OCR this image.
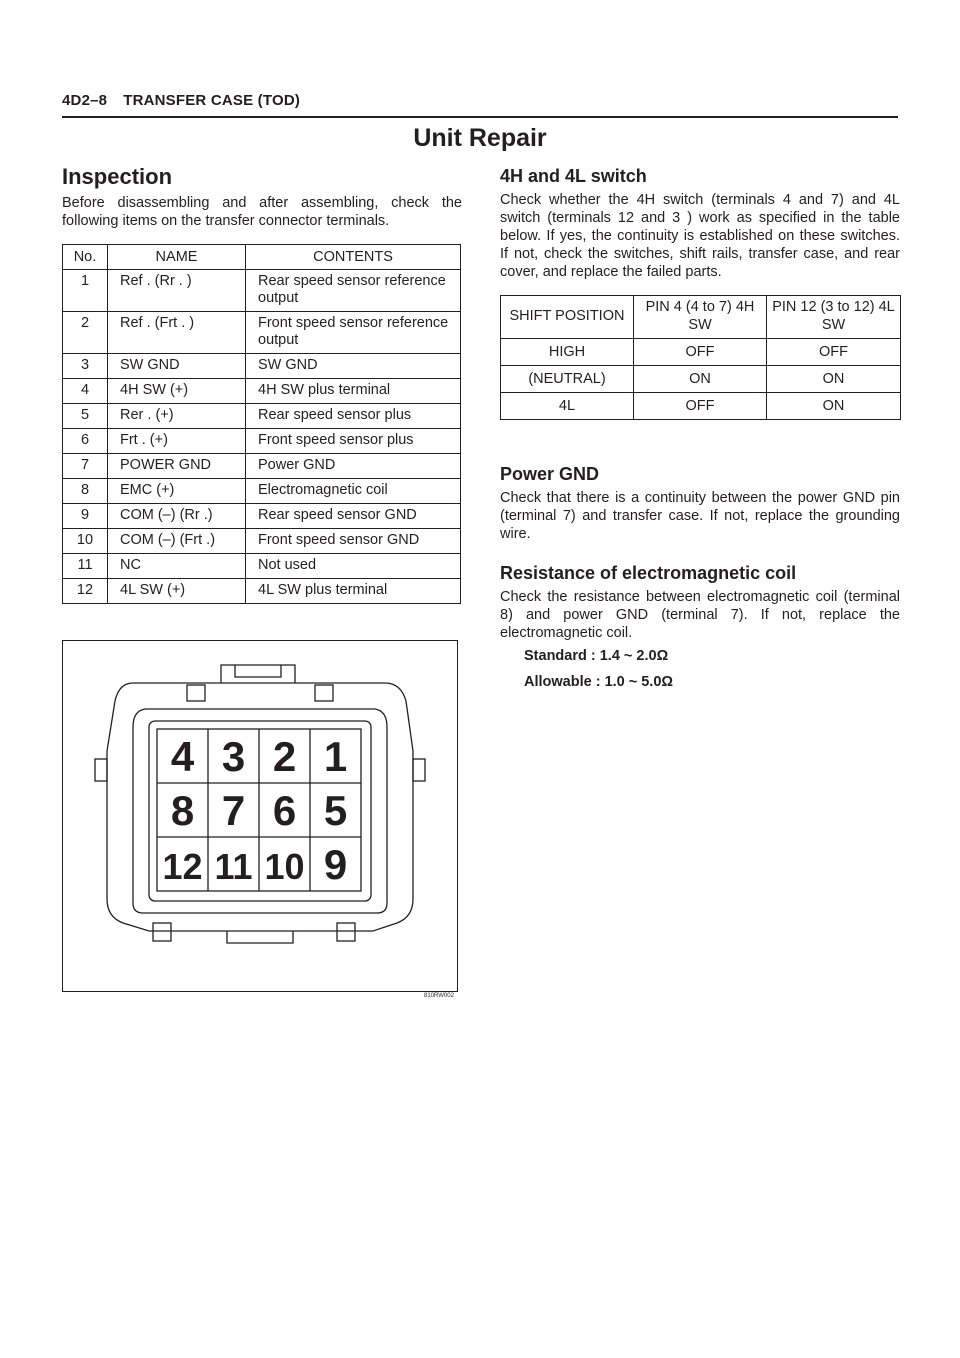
4D2–8 TRANSFER CASE (TOD)
Unit Repair
Inspection

Before disassembling and after assembling, check the following items on the transfer connector terminals.

No.	NAME	CONTENTS
1	Ref . (Rr . )	Rear speed sensor reference output
2	Ref . (Frt . )	Front speed sensor reference output
3	SW GND	SW GND
4	4H SW (+)	4H SW plus terminal
5	Rer . (+)	Rear speed sensor plus
6	Frt . (+)	Front speed sensor plus
7	POWER GND	Power GND
8	EMC (+)	Electromagnetic coil
9	COM (–) (Rr .)	Rear speed sensor GND
10	COM (–) (Frt .)	Front speed sensor GND
11	NC	Not used
12	4L SW (+)	4L SW plus terminal
4 3 2 1
8 7 6 5
12 11 10 9
810RW002
4H and 4L switch

Check whether the 4H switch (terminals 4 and 7) and 4L switch (terminals 12 and 3 ) work as specified in the table below. If yes, the continuity is established on these switches. If not, check the switches, shift rails, transfer case, and rear cover, and replace the failed parts.

SHIFT POSITION	PIN 4 (4 to 7) 4H SW	PIN 12 (3 to 12) 4L SW
HIGH	OFF	OFF
(NEUTRAL)	ON	ON
4L	OFF	ON
Power GND

Check that there is a continuity between the power GND pin (terminal 7) and transfer case. If not, replace the grounding wire.

Resistance of electromagnetic coil

Check the resistance between electromagnetic coil (terminal 8) and power GND (terminal 7). If not, replace the electromagnetic coil.

Standard : 1.4 ~ 2.0Ω
Allowable : 1.0 ~ 5.0Ω
